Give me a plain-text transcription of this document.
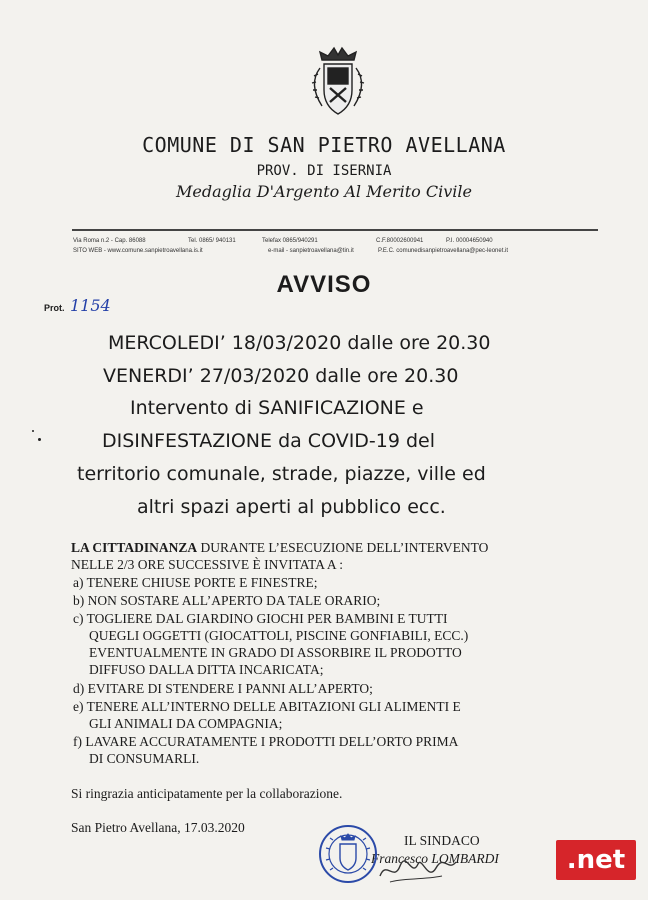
COMUNE DI SAN PIETRO AVELLANA
PROV. DI ISERNIA
Medaglia D'Argento Al Merito Civile
Via Roma n.2 - Cap. 86088	Tel. 0865/ 940131	Telefax 0865/940291	C.F.80002600941	P.I. 00004650940
SITO WEB - www.comune.sanpietroavellana.is.it	e-mail - sanpietroavellana@tin.it	P.E.C. comunedisanpietroavellana@pec-leonet.it
AVVISO
Prot. 1154
MERCOLEDI’ 18/03/2020 dalle ore 20.30
VENERDI’ 27/03/2020 dalle ore 20.30
Intervento di SANIFICAZIONE e
DISINFESTAZIONE da COVID-19 del
territorio comunale, strade, piazze, ville ed
altri spazi aperti al pubblico ecc.
LA CITTADINANZA DURANTE L’ESECUZIONE DELL’INTERVENTO
NELLE 2/3 ORE SUCCESSIVE È INVITATA A :
a) TENERE CHIUSE PORTE E FINESTRE;
b) NON SOSTARE ALL’APERTO DA TALE ORARIO;
c) TOGLIERE DAL GIARDINO GIOCHI PER BAMBINI E TUTTI
QUEGLI OGGETTI (GIOCATTOLI, PISCINE GONFIABILI, ECC.)
EVENTUALMENTE IN GRADO DI ASSORBIRE IL PRODOTTO
DIFFUSO DALLA DITTA INCARICATA;
d) EVITARE DI STENDERE I PANNI ALL’APERTO;
e) TENERE ALL’INTERNO DELLE ABITAZIONI GLI ALIMENTI E
GLI ANIMALI DA COMPAGNIA;
f) LAVARE ACCURATAMENTE I PRODOTTI DELL’ORTO PRIMA
DI CONSUMARLI.
Si ringrazia anticipatamente per la collaborazione.
San Pietro Avellana, 17.03.2020
IL SINDACO
Francesco LOMBARDI	.net
